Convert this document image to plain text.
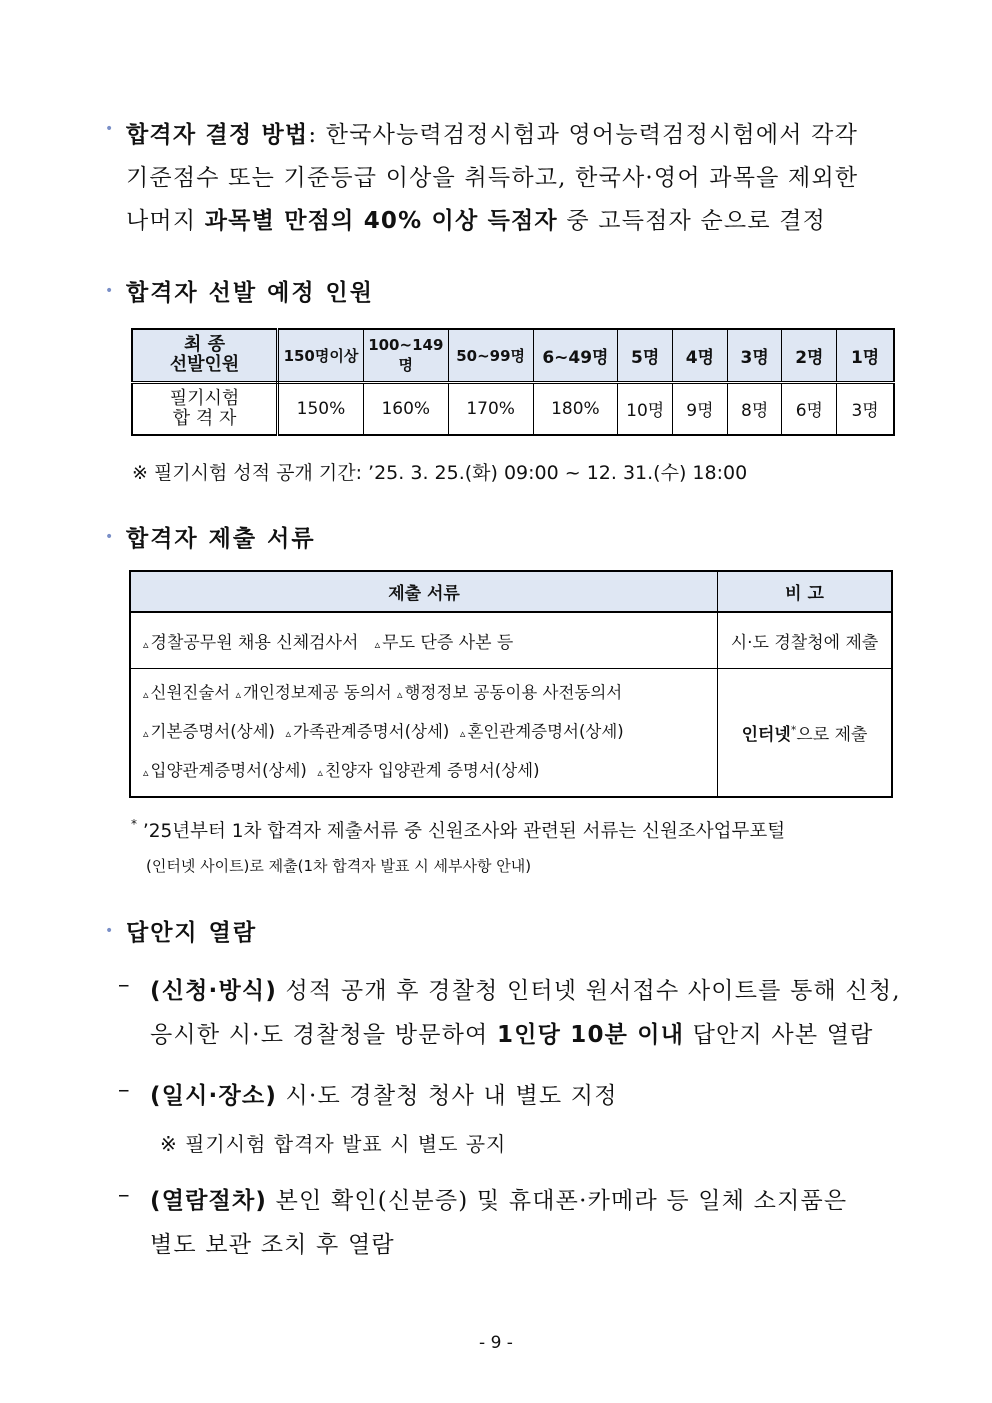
• 합격자 결정 방법: 한국사능력검정시험과 영어능력검정시험에서 각각
기준점수 또는 기준등급 이상을 취득하고, 한국사·영어 과목을 제외한
나머지 과목별 만점의 40% 이상 득점자 중 고득점자 순으로 결정
• 합격자 선발 예정 인원
최 종
선발인원	150명이상	100~149명	50~99명	6~49명	5명	4명	3명	2명	1명

필기시험
합 격 자	150%	160%	170%	180%	10명	9명	8명	6명	3명
※ 필기시험 성적 공개 기간: ’25. 3. 25.(화) 09:00 ~ 12. 31.(수) 18:00
• 합격자 제출 서류
제출 서류	비 고
▵ 경찰공무원 채용 신체검사서 ▵ 무도 단증 사본 등	시·도 경찰청에 제출

▵ 신원진술서 ▵ 개인정보제공 동의서 ▵ 행정정보 공동이용 사전동의서
▵ 기본증명서(상세) ▵ 가족관계증명서(상세) ▵ 혼인관계증명서(상세)
▵ 입양관계증명서(상세) ▵ 친양자 입양관계 증명서(상세)	인터넷*으로 제출
* ’25년부터 1차 합격자 제출서류 중 신원조사와 관련된 서류는 신원조사업무포털
(인터넷 사이트)로 제출(1차 합격자 발표 시 세부사항 안내)
• 답안지 열람
– (신청·방식) 성적 공개 후 경찰청 인터넷 원서접수 사이트를 통해 신청,
응시한 시·도 경찰청을 방문하여 1인당 10분 이내 답안지 사본 열람
– (일시·장소) 시·도 경찰청 청사 내 별도 지정
※ 필기시험 합격자 발표 시 별도 공지
– (열람절차) 본인 확인(신분증) 및 휴대폰·카메라 등 일체 소지품은
별도 보관 조치 후 열람
- 9 -
